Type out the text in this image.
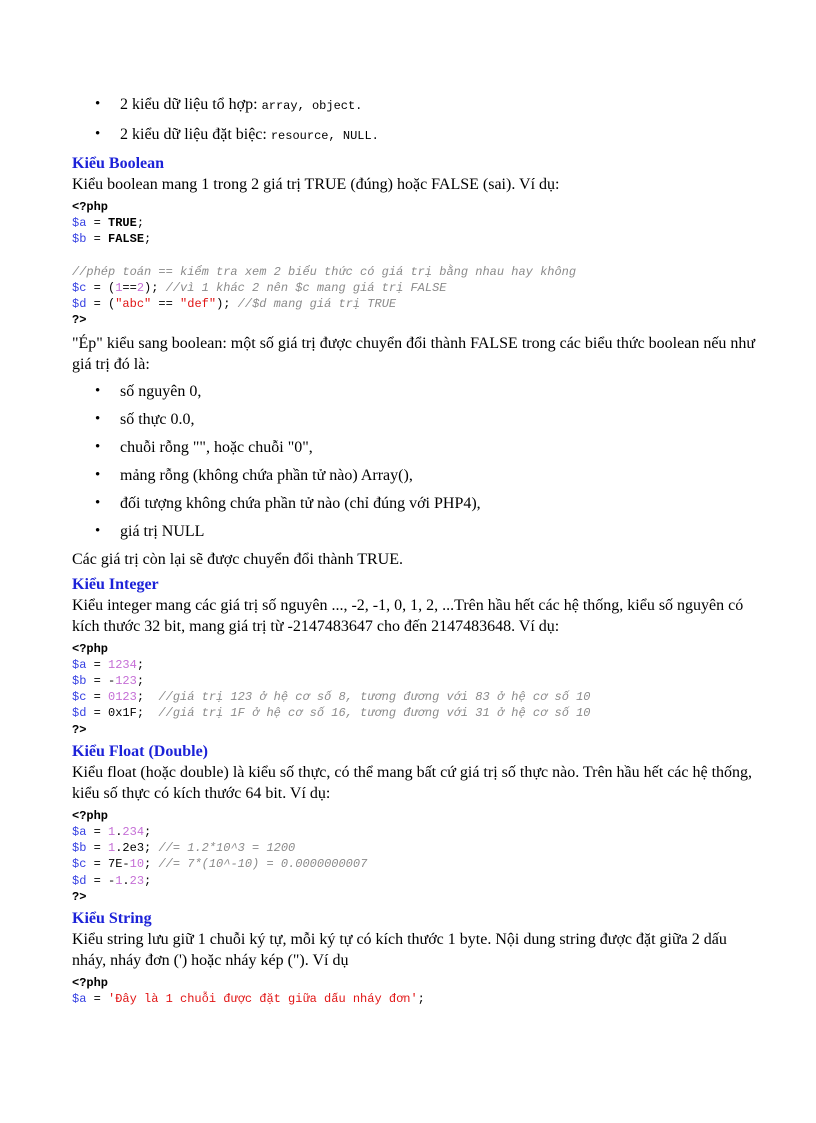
• 2 kiểu dữ liệu tổ hợp: array, object.
• 2 kiểu dữ liệu đặt biệc: resource, NULL.
Kiểu Boolean

Kiểu boolean mang 1 trong 2 giá trị TRUE (đúng) hoặc FALSE (sai). Ví dụ:

<?php
$a = TRUE;
$b = FALSE;

//phép toán == kiểm tra xem 2 biểu thức có giá trị bằng nhau hay không
$c = (1==2); //vì 1 khác 2 nên $c mang giá trị FALSE
$d = ("abc" == "def"); //$d mang giá trị TRUE
?>

"Ép" kiểu sang boolean: một số giá trị được chuyển đổi thành FALSE trong các biểu thức boolean nếu như giá trị đó là:

• số nguyên 0,
• số thực 0.0,
• chuỗi rỗng "", hoặc chuỗi "0",
• mảng rỗng (không chứa phần tử nào) Array(),
• đối tượng không chứa phần tử nào (chỉ đúng với PHP4),
• giá trị NULL

Các giá trị còn lại sẽ được chuyển đổi thành TRUE.

Kiểu Integer

Kiểu integer mang các giá trị số nguyên ..., -2, -1, 0, 1, 2, ...Trên hầu hết các hệ thống, kiểu số nguyên có kích thước 32 bit, mang giá trị từ -2147483647 cho đến 2147483648. Ví dụ:

<?php
$a = 1234;
$b = -123;
$c = 0123;  //giá trị 123 ở hệ cơ số 8, tương đương với 83 ở hệ cơ số 10
$d = 0x1F;  //giá trị 1F ở hệ cơ số 16, tương đương với 31 ở hệ cơ số 10
?>
Kiểu Float (Double)

Kiểu float (hoặc double) là kiểu số thực, có thể mang bất cứ giá trị số thực nào. Trên hầu hết các hệ thống, kiểu số thực có kích thước 64 bit. Ví dụ:

<?php
$a = 1.234;
$b = 1.2e3; //= 1.2*10^3 = 1200
$c = 7E-10; //= 7*(10^-10) = 0.0000000007
$d = -1.23;
?>
Kiểu String

Kiểu string lưu giữ 1 chuỗi ký tự, mỗi ký tự có kích thước 1 byte. Nội dung string được đặt giữa 2 dấu nháy, nháy đơn (') hoặc nháy kép ("). Ví dụ

<?php
$a = 'Đây là 1 chuỗi được đặt giữa dấu nháy đơn';
